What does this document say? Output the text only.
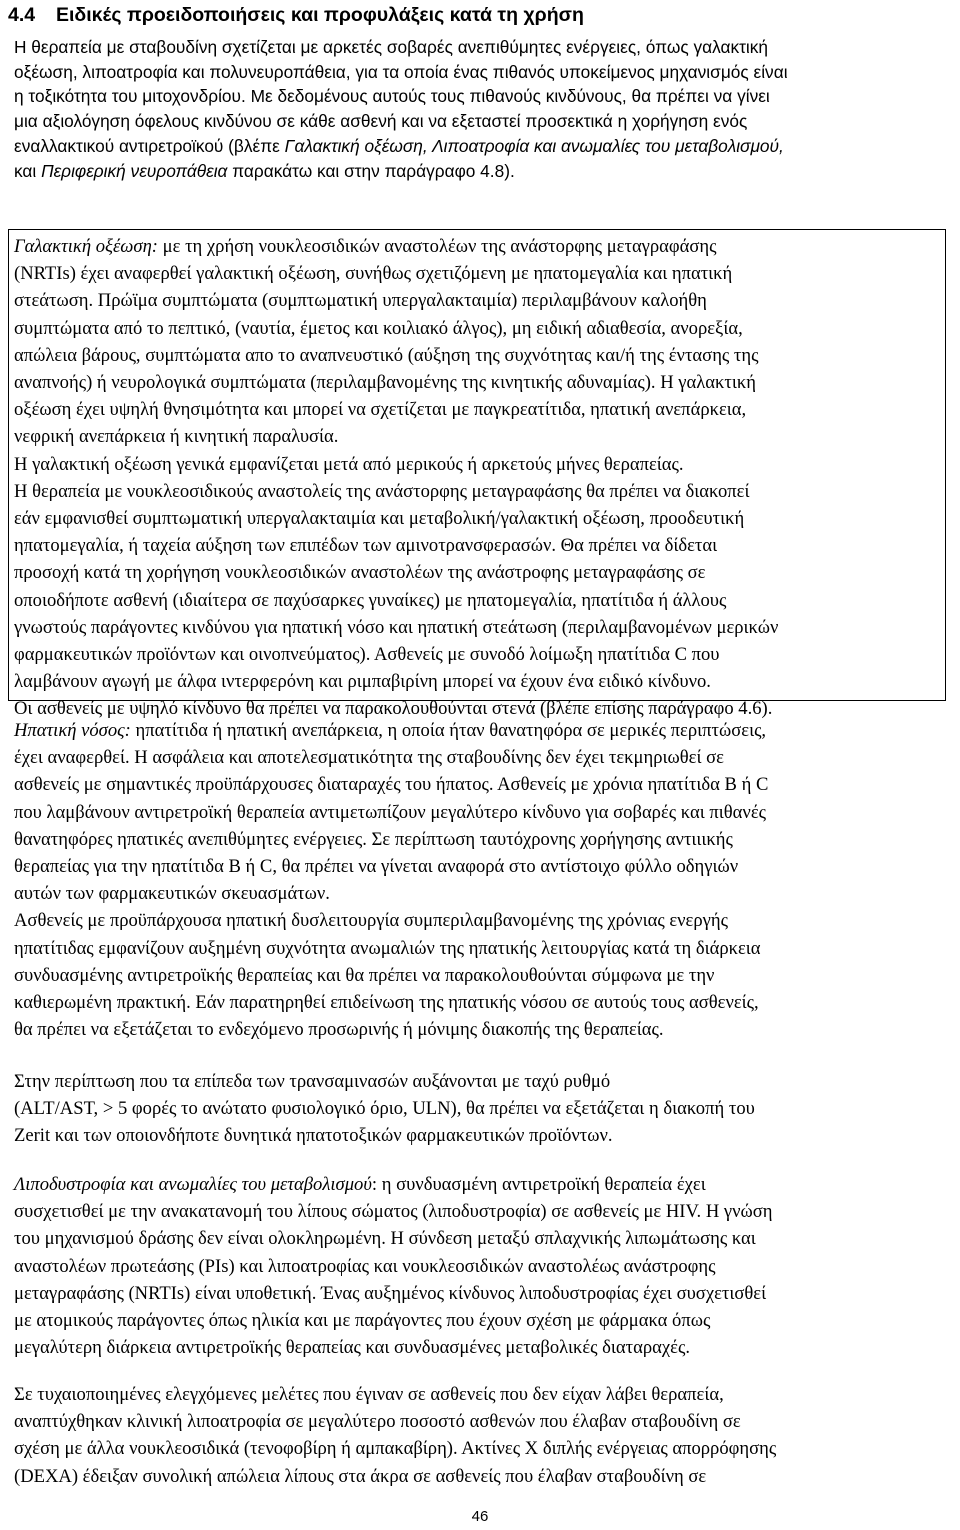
4.4 Ειδικές προειδοποιήσεις και προφυλάξεις κατά τη χρήση
Η θεραπεία με σταβουδίνη σχετίζεται με αρκετές σοβαρές ανεπιθύμητες ενέργειες, όπως γαλακτική
οξέωση, λιποατροφία και πολυνευροπάθεια, για τα οποία ένας πιθανός υποκείμενος μηχανισμός είναι
η τοξικότητα του μιτοχονδρίου. Με δεδομένους αυτούς τους πιθανούς κινδύνους, θα πρέπει να γίνει
μια αξιολόγηση όφελους κινδύνου σε κάθε ασθενή και να εξεταστεί προσεκτικά η χορήγηση ενός
εναλλακτικού αντιρετροϊκού (βλέπε Γαλακτική οξέωση, Λιποατροφία και ανωμαλίες του μεταβολισμού,
και Περιφερική νευροπάθεια παρακάτω και στην παράγραφο 4.8).
Γαλακτική οξέωση: με τη χρήση νουκλεοσιδικών αναστολέων της ανάστορφης μεταγραφάσης
(NRTIs) έχει αναφερθεί γαλακτική οξέωση, συνήθως σχετιζόμενη με ηπατομεγαλία και ηπατική
στεάτωση. Πρώϊμα συμπτώματα (συμπτωματική υπεργαλακταιμία) περιλαμβάνουν καλοήθη
συμπτώματα από το πεπτικό, (ναυτία, έμετος και κοιλιακό άλγος), μη ειδική αδιαθεσία, ανορεξία,
απώλεια βάρους, συμπτώματα απο το αναπνευστικό (αύξηση της συχνότητας και/ή της έντασης της
αναπνοής) ή νευρολογικά συμπτώματα (περιλαμβανομένης της κινητικής αδυναμίας). Η γαλακτική
οξέωση έχει υψηλή θνησιμότητα και μπορεί να σχετίζεται με παγκρεατίτιδα, ηπατική ανεπάρκεια,
νεφρική ανεπάρκεια ή κινητική παραλυσία.
Η γαλακτική οξέωση γενικά εμφανίζεται μετά από μερικούς ή αρκετούς μήνες θεραπείας.
Η θεραπεία με νουκλεοσιδικούς αναστολείς της ανάστορφης μεταγραφάσης θα πρέπει να διακοπεί
εάν εμφανισθεί συμπτωματική υπεργαλακταιμία και μεταβολική/γαλακτική οξέωση, προοδευτική
ηπατομεγαλία, ή ταχεία αύξηση των επιπέδων των αμινοτρανσφερασών. Θα πρέπει να δίδεται
προσοχή κατά τη χορήγηση νουκλεοσιδικών αναστολέων της ανάστροφης μεταγραφάσης σε
οποιοδήποτε ασθενή (ιδιαίτερα σε παχύσαρκες γυναίκες) με ηπατομεγαλία, ηπατίτιδα ή άλλους
γνωστούς παράγοντες κινδύνου για ηπατική νόσο και ηπατική στεάτωση (περιλαμβανομένων μερικών
φαρμακευτικών προϊόντων και οινοπνεύματος). Ασθενείς με συνοδό λοίμωξη ηπατίτιδα C που
λαμβάνουν αγωγή με άλφα ιντερφερόνη και ριμπαβιρίνη μπορεί να έχουν ένα ειδικό κίνδυνο.
Οι ασθενείς με υψηλό κίνδυνο θα πρέπει να παρακολουθούνται στενά (βλέπε επίσης παράγραφο 4.6).
Ηπατική νόσος: ηπατίτιδα ή ηπατική ανεπάρκεια, η οποία ήταν θανατηφόρα σε μερικές περιπτώσεις,
έχει αναφερθεί. Η ασφάλεια και αποτελεσματικότητα της σταβουδίνης δεν έχει τεκμηριωθεί σε
ασθενείς με σημαντικές προϋπάρχουσες διαταραχές του ήπατος. Ασθενείς με χρόνια ηπατίτιδα B ή C
που λαμβάνουν αντιρετροϊκή θεραπεία αντιμετωπίζουν μεγαλύτερο κίνδυνο για σοβαρές και πιθανές
θανατηφόρες ηπατικές ανεπιθύμητες ενέργειες. Σε περίπτωση ταυτόχρονης χορήγησης αντιιικής
θεραπείας για την ηπατίτιδα B ή C, θα πρέπει να γίνεται αναφορά στο αντίστοιχο φύλλο οδηγιών
αυτών των φαρμακευτικών σκευασμάτων.
Ασθενείς με προϋπάρχουσα ηπατική δυσλειτουργία συμπεριλαμβανομένης της χρόνιας ενεργής
ηπατίτιδας εμφανίζουν αυξημένη συχνότητα ανωμαλιών της ηπατικής λειτουργίας κατά τη διάρκεια
συνδυασμένης αντιρετροϊκής θεραπείας και θα πρέπει να παρακολουθούνται σύμφωνα με την
καθιερωμένη πρακτική. Εάν παρατηρηθεί επιδείνωση της ηπατικής νόσου σε αυτούς τους ασθενείς,
θα πρέπει να εξετάζεται το ενδεχόμενο προσωρινής ή μόνιμης διακοπής της θεραπείας.
Στην περίπτωση που τα επίπεδα των τρανσαμινασών αυξάνονται με ταχύ ρυθμό
(ALT/AST, > 5 φορές το ανώτατο φυσιολογικό όριο, ULN), θα πρέπει να εξετάζεται η διακοπή του
Zerit και των οποιονδήποτε δυνητικά ηπατοτοξικών φαρμακευτικών προϊόντων.
Λιποδυστροφία και ανωμαλίες του μεταβολισμού: η συνδυασμένη αντιρετροϊκή θεραπεία έχει
συσχετισθεί με την ανακατανομή του λίπους σώματος (λιποδυστροφία) σε ασθενείς με HIV. Η γνώση
του μηχανισμού δράσης δεν είναι ολοκληρωμένη. Η σύνδεση μεταξύ σπλαχνικής λιπωμάτωσης και
αναστολέων πρωτεάσης (PIs) και λιποατροφίας και νουκλεοσιδικών αναστολέως ανάστροφης
μεταγραφάσης (NRTIs) είναι υποθετική. Ένας αυξημένος κίνδυνος λιποδυστροφίας έχει συσχετισθεί
με ατομικούς παράγοντες όπως ηλικία και με παράγοντες που έχουν σχέση με φάρμακα όπως
μεγαλύτερη διάρκεια αντιρετροϊκής θεραπείας και συνδυασμένες μεταβολικές διαταραχές.
Σε τυχαιοποιημένες ελεγχόμενες μελέτες που έγιναν σε ασθενείς που δεν είχαν λάβει θεραπεία,
αναπτύχθηκαν κλινική λιποατροφία σε μεγαλύτερο ποσοστό ασθενών που έλαβαν σταβουδίνη σε
σχέση με άλλα νουκλεοσιδικά (τενοφοβίρη ή αμπακαβίρη). Ακτίνες Χ διπλής ενέργειας απορρόφησης
(DEXA) έδειξαν συνολική απώλεια λίπους στα άκρα σε ασθενείς που έλαβαν σταβουδίνη σε
46
